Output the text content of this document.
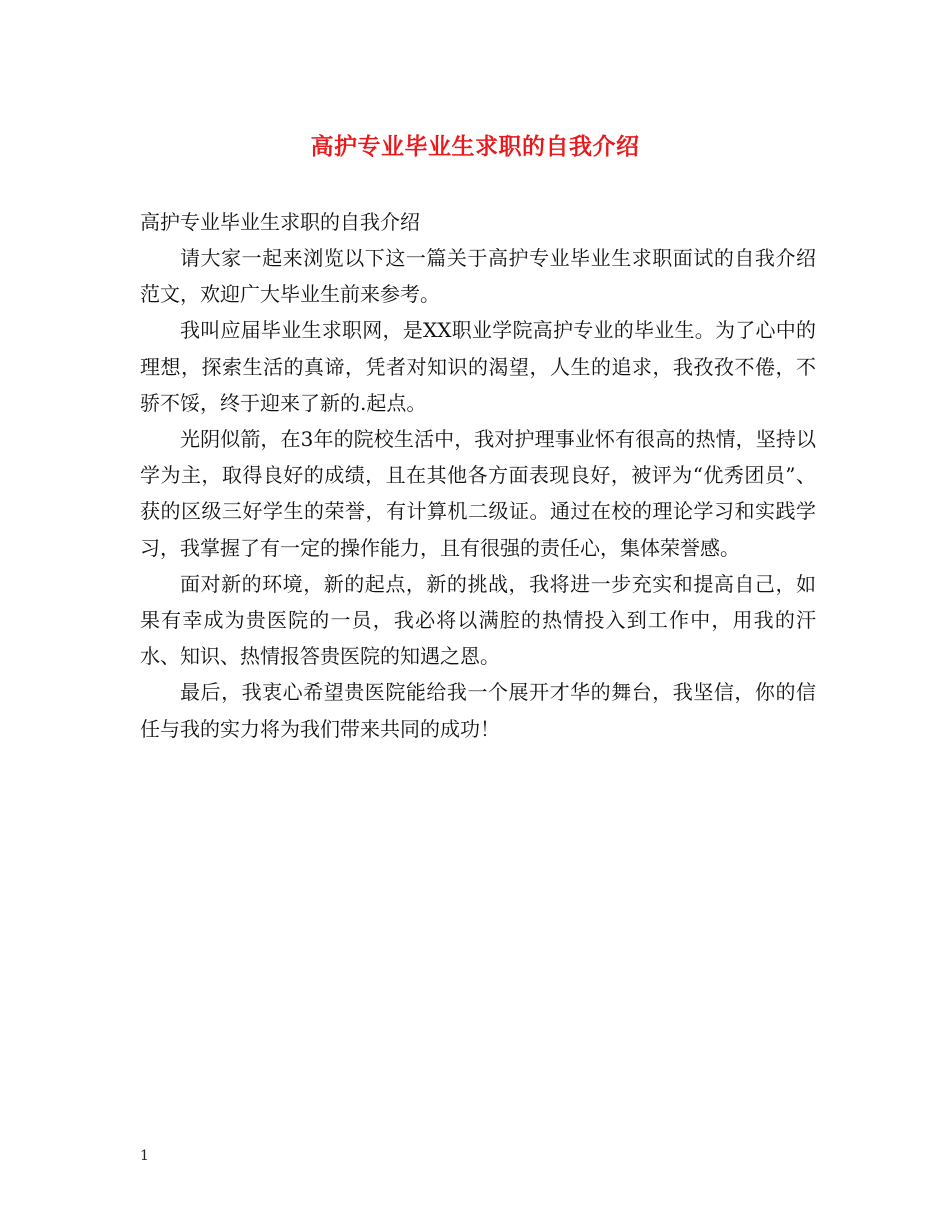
高护专业毕业生求职的自我介绍

高护专业毕业生求职的自我介绍

请大家一起来浏览以下这一篇关于高护专业毕业生求职面试的自我介绍范文，欢迎广大毕业生前来参考。

我叫应届毕业生求职网，是XX职业学院高护专业的毕业生。为了心中的理想，探索生活的真谛，凭者对知识的渴望，人生的追求，我孜孜不倦，不骄不馁，终于迎来了新的.起点。

光阴似箭，在3年的院校生活中，我对护理事业怀有很高的热情，坚持以学为主，取得良好的成绩，且在其他各方面表现良好，被评为“优秀团员”、获的区级三好学生的荣誉，有计算机二级证。通过在校的理论学习和实践学习，我掌握了有一定的操作能力，且有很强的责任心，集体荣誉感。

面对新的环境，新的起点，新的挑战，我将进一步充实和提高自己，如果有幸成为贵医院的一员，我必将以满腔的热情投入到工作中，用我的汗水、知识、热情报答贵医院的知遇之恩。

最后，我衷心希望贵医院能给我一个展开才华的舞台，我坚信，你的信任与我的实力将为我们带来共同的成功！

1
